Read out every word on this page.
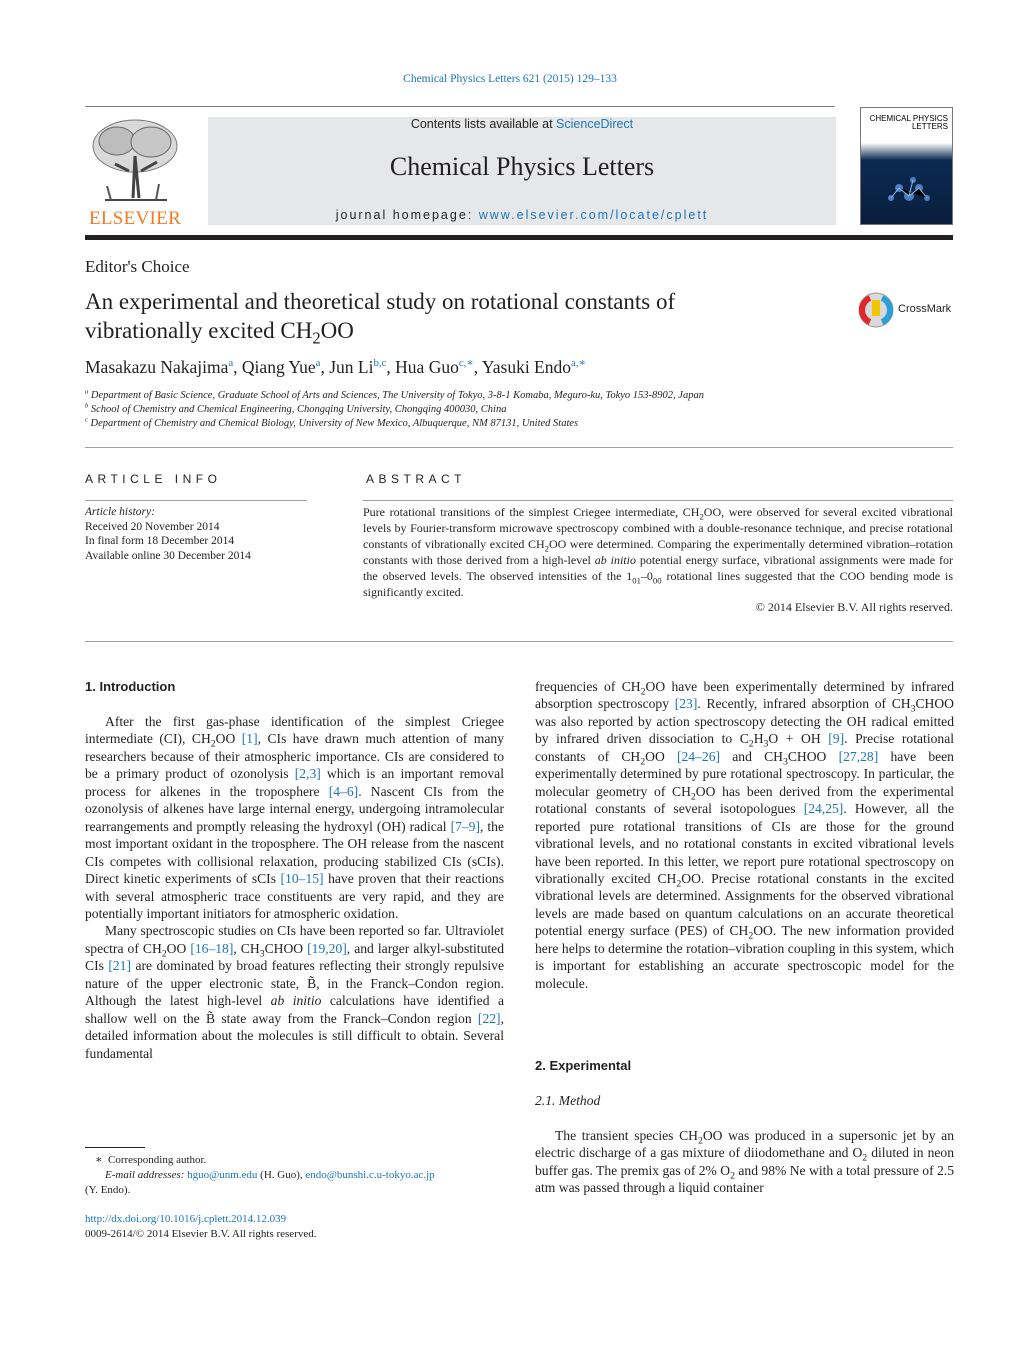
Chemical Physics Letters 621 (2015) 129–133
ELSEVIER
Contents lists available at ScienceDirect
Chemical Physics Letters
journal homepage: www.elsevier.com/locate/cplett
CHEMICAL PHYSICS LETTERS
Editor's Choice
An experimental and theoretical study on rotational constants of
vibrationally excited $CH_2OO$
CrossMark
Masakazu Nakajima$^a$, Qiang Yue$^a$, Jun Li$^{b,c}$, Hua Guo$^{c,∗}$, Yasuki Endo$^{a,∗}$
$^a$ Department of Basic Science, Graduate School of Arts and Sciences, The University of Tokyo, 3-8-1 Komaba, Meguro-ku, Tokyo 153-8902, Japan
$^b$ School of Chemistry and Chemical Engineering, Chongqing University, Chongqing 400030, China
$^c$ Department of Chemistry and Chemical Biology, University of New Mexico, Albuquerque, NM 87131, United States
ARTICLE INFO
Article history:
Received 20 November 2014
In final form 18 December 2014
Available online 30 December 2014
ABSTRACT
Pure rotational transitions of the simplest Criegee intermediate, $CH_2OO$, were observed for several excited vibrational levels by Fourier-transform microwave spectroscopy combined with a double-resonance technique, and precise rotational constants of vibrationally excited $CH_2OO$ were determined. Comparing the experimentally determined vibration–rotation constants with those derived from a high-level ab initio potential energy surface, vibrational assignments were made for the observed levels. The observed intensities of the $1_{01}-0_{00}$ rotational lines suggested that the COO bending mode is significantly excited.
© 2014 Elsevier B.V. All rights reserved.
1. Introduction

After the first gas-phase identification of the simplest Criegee intermediate (CI), $CH_2OO$ [1], CIs have drawn much attention of many researchers because of their atmospheric importance. CIs are considered to be a primary product of ozonolysis [2,3] which is an important removal process for alkenes in the troposphere [4–6]. Nascent CIs from the ozonolysis of alkenes have large internal energy, undergoing intramolecular rearrangements and promptly releasing the hydroxyl (OH) radical [7–9], the most important oxidant in the troposphere. The OH release from the nascent CIs competes with collisional relaxation, producing stabilized CIs (sCIs). Direct kinetic experiments of sCIs [10–15] have proven that their reactions with several atmospheric trace constituents are very rapid, and they are potentially important initiators for atmospheric oxidation.

Many spectroscopic studies on CIs have been reported so far. Ultraviolet spectra of $CH_2OO$ [16–18], $CH_3CHOO$ [19,20], and larger alkyl-substituted CIs [21] are dominated by broad features reflecting their strongly repulsive nature of the upper electronic state, B̃, in the Franck–Condon region. Although the latest high-level ab initio calculations have identified a shallow well on the B̃ state away from the Franck–Condon region [22], detailed information about the molecules is still difficult to obtain. Several fundamental

∗ Corresponding author.
E-mail addresses: hguo@unm.edu (H. Guo), endo@bunshi.c.u-tokyo.ac.jp
(Y. Endo).
http://dx.doi.org/10.1016/j.cplett.2014.12.039
0009-2614/© 2014 Elsevier B.V. All rights reserved.

frequencies of $CH_2OO$ have been experimentally determined by infrared absorption spectroscopy [23]. Recently, infrared absorption of $CH_3CHOO$ was also reported by action spectroscopy detecting the OH radical emitted by infrared driven dissociation to $C_2H_3O$ + OH [9]. Precise rotational constants of $CH_2OO$ [24–26] and $CH_3CHOO$ [27,28] have been experimentally determined by pure rotational spectroscopy. In particular, the molecular geometry of $CH_2OO$ has been derived from the experimental rotational constants of several isotopologues [24,25]. However, all the reported pure rotational transitions of CIs are those for the ground vibrational levels, and no rotational constants in excited vibrational levels have been reported. In this letter, we report pure rotational spectroscopy on vibrationally excited $CH_2OO$. Precise rotational constants in the excited vibrational levels are determined. Assignments for the observed vibrational levels are made based on quantum calculations on an accurate theoretical potential energy surface (PES) of $CH_2OO$. The new information provided here helps to determine the rotation–vibration coupling in this system, which is important for establishing an accurate spectroscopic model for the molecule.

2. Experimental
2.1. Method

The transient species $CH_2OO$ was produced in a supersonic jet by an electric discharge of a gas mixture of diiodomethane and $O_2$ diluted in neon buffer gas. The premix gas of 2% $O_2$ and 98% Ne with a total pressure of 2.5 atm was passed through a liquid container
